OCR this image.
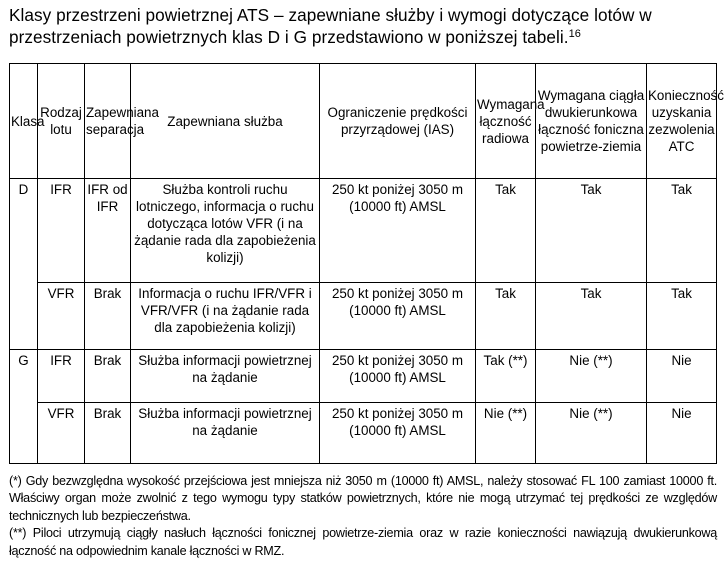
Klasy przestrzeni powietrznej ATS – zapewniane służby i wymogi dotyczące lotów w przestrzeniach powietrznych klas D i G przedstawiono w poniższej tabeli.$^{16}$
Klasa	Rodzaj lotu	Zapewniana separacja	Zapewniana służba	Ograniczenie prędkości przyrządowej (IAS)	Wymagana łączność radiowa	Wymagana ciągła dwukierunkowa łączność foniczna powietrze-ziemia	Konieczność uzyskania zezwolenia ATC
D	IFR	IFR od IFR	Służba kontroli ruchu lotniczego, informacja o ruchu dotycząca lotów VFR (i na żądanie rada dla zapobieżenia kolizji)	250 kt poniżej 3050 m (10000 ft) AMSL	Tak	Tak	Tak
	VFR	Brak	Informacja o ruchu IFR/VFR i VFR/VFR (i na żądanie rada dla zapobieżenia kolizji)	250 kt poniżej 3050 m (10000 ft) AMSL	Tak	Tak	Tak
G	IFR	Brak	Służba informacji powietrznej na żądanie	250 kt poniżej 3050 m (10000 ft) AMSL	Tak (**)	Nie (**)	Nie
	VFR	Brak	Służba informacji powietrznej na żądanie	250 kt poniżej 3050 m (10000 ft) AMSL	Nie (**)	Nie (**)	Nie

(*) Gdy bezwzględna wysokość przejściowa jest mniejsza niż 3050 m (10000 ft) AMSL, należy stosować FL 100 zamiast 10000 ft. Właściwy organ może zwolnić z tego wymogu typy statków powietrznych, które nie mogą utrzymać tej prędkości ze względów technicznych lub bezpieczeństwa.

(**) Piloci utrzymują ciągły nasłuch łączności fonicznej powietrze-ziemia oraz w razie konieczności nawiązują dwukierunkową łączność na odpowiednim kanale łączności w RMZ.
